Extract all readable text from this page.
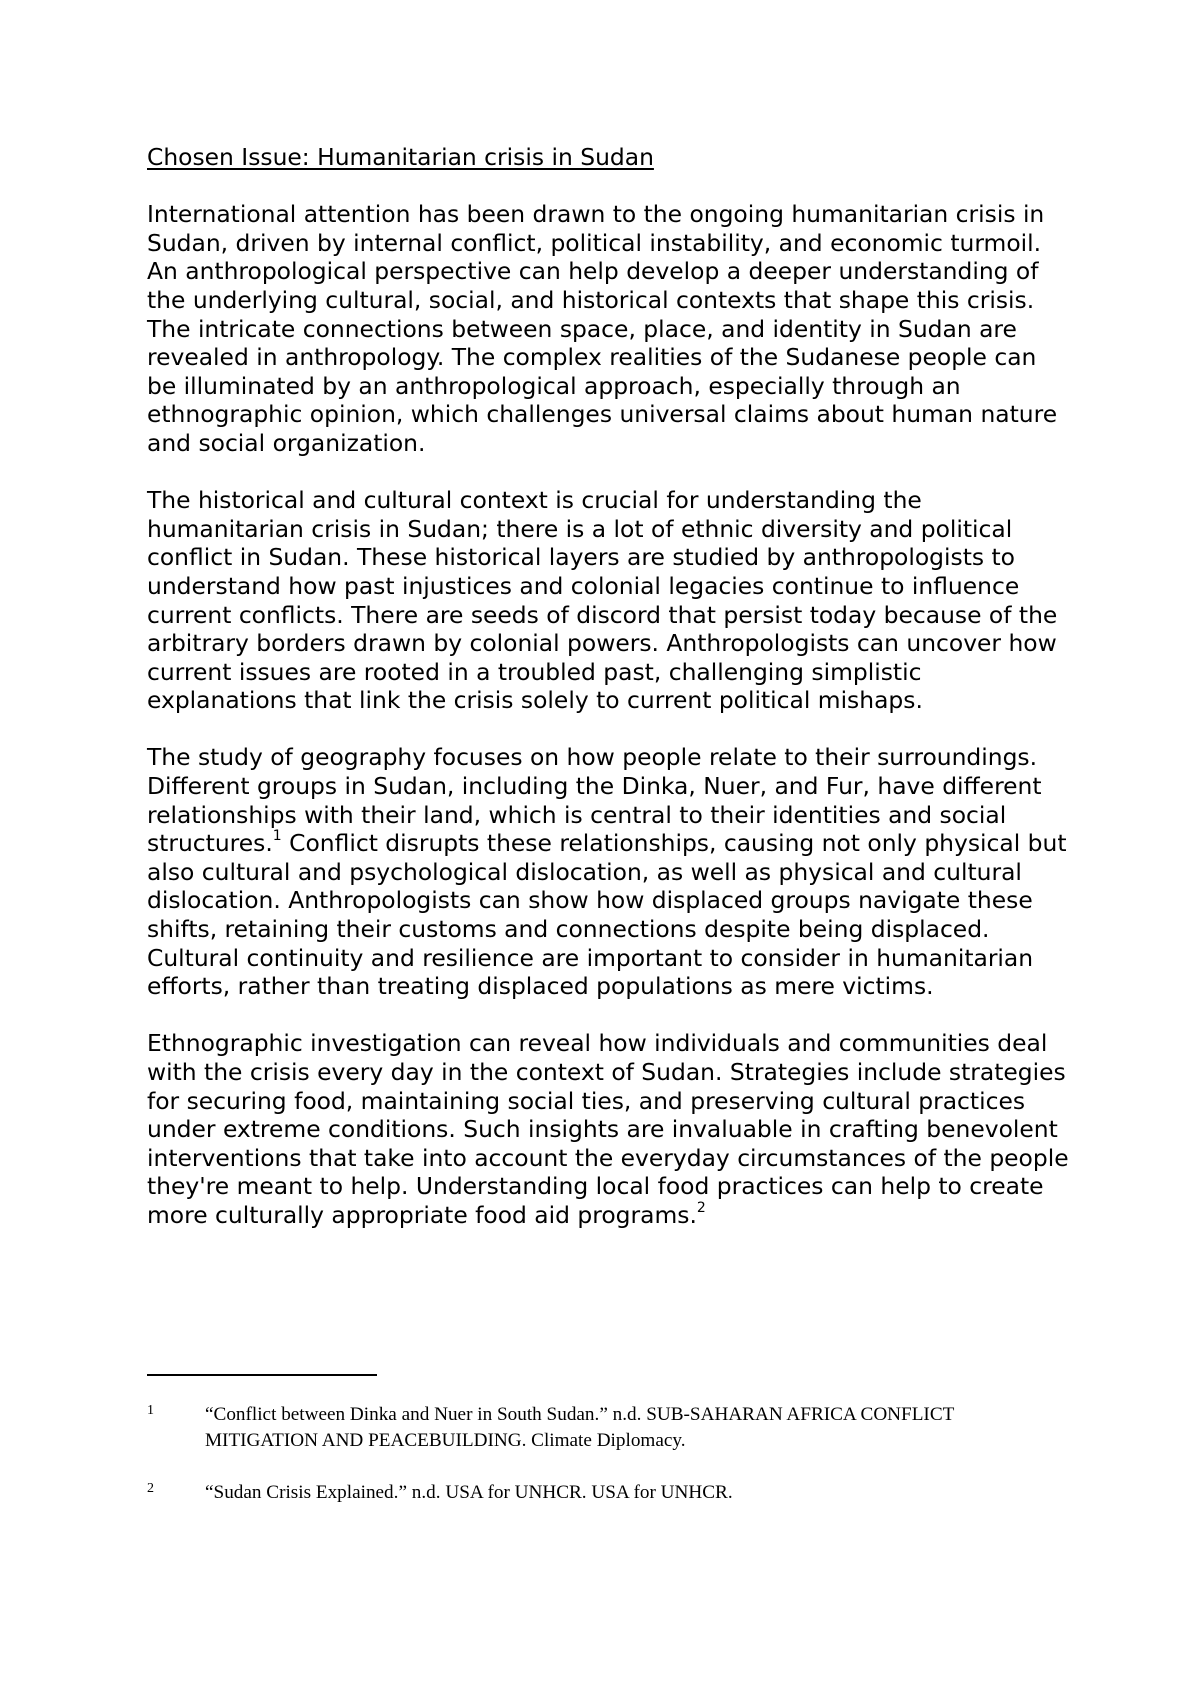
Chosen Issue: Humanitarian crisis in Sudan

International attention has been drawn to the ongoing humanitarian crisis in Sudan, driven by internal conflict, political instability, and economic turmoil. An anthropological perspective can help develop a deeper understanding of the underlying cultural, social, and historical contexts that shape this crisis. The intricate connections between space, place, and identity in Sudan are revealed in anthropology. The complex realities of the Sudanese people can be illuminated by an anthropological approach, especially through an ethnographic opinion, which challenges universal claims about human nature and social organization.

The historical and cultural context is crucial for understanding the humanitarian crisis in Sudan; there is a lot of ethnic diversity and political conflict in Sudan. These historical layers are studied by anthropologists to understand how past injustices and colonial legacies continue to influence current conflicts. There are seeds of discord that persist today because of the arbitrary borders drawn by colonial powers. Anthropologists can uncover how current issues are rooted in a troubled past, challenging simplistic explanations that link the crisis solely to current political mishaps.

The study of geography focuses on how people relate to their surroundings. Different groups in Sudan, including the Dinka, Nuer, and Fur, have different relationships with their land, which is central to their identities and social structures.$^1$ Conflict disrupts these relationships, causing not only physical but also cultural and psychological dislocation, as well as physical and cultural dislocation. Anthropologists can show how displaced groups navigate these shifts, retaining their customs and connections despite being displaced. Cultural continuity and resilience are important to consider in humanitarian efforts, rather than treating displaced populations as mere victims.

Ethnographic investigation can reveal how individuals and communities deal with the crisis every day in the context of Sudan. Strategies include strategies for securing food, maintaining social ties, and preserving cultural practices under extreme conditions. Such insights are invaluable in crafting benevolent interventions that take into account the everyday circumstances of the people they're meant to help. Understanding local food practices can help to create more culturally appropriate food aid programs.$^2$

1	“Conflict between Dinka and Nuer in South Sudan.” n.d. SUB-SAHARAN AFRICA CONFLICT MITIGATION AND PEACEBUILDING. Climate Diplomacy.
2	“Sudan Crisis Explained.” n.d. USA for UNHCR. USA for UNHCR.
